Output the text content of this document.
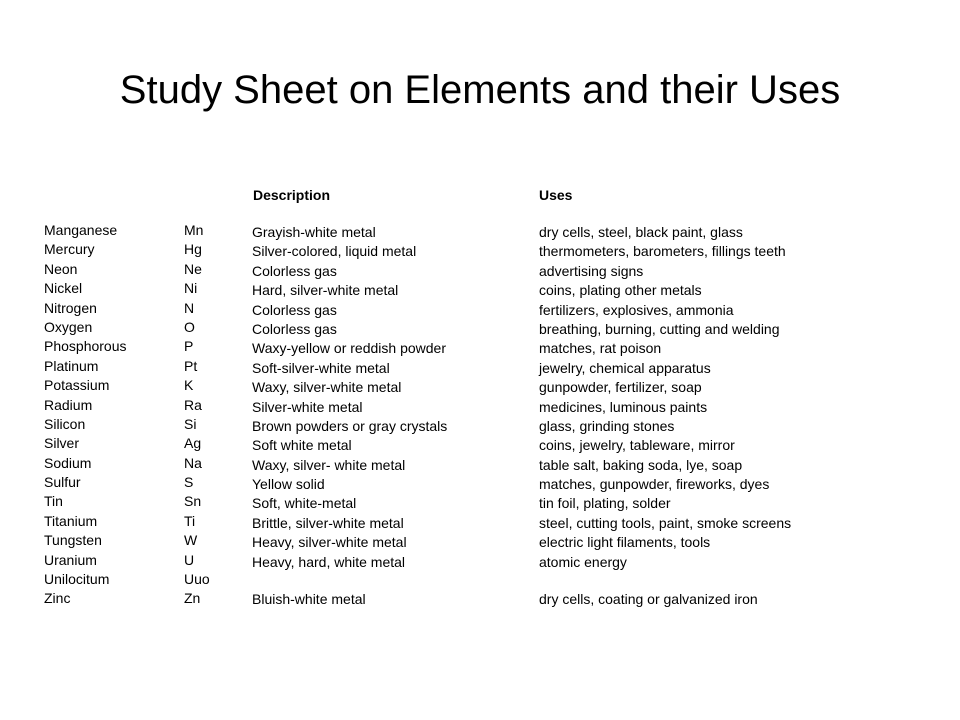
Study Sheet on Elements and their Uses
Description	Uses
Manganese
Mercury
Neon
Nickel
Nitrogen
Oxygen
Phosphorous
Platinum
Potassium
Radium
Silicon
Silver
Sodium
Sulfur
Tin
Titanium
Tungsten
Uranium
Unilocitum
Zinc
Mn
Hg
Ne
Ni
N
O
P
Pt
K
Ra
Si
Ag
Na
S
Sn
Ti
W
U
Uuo
Zn
Grayish-white metal
Silver-colored, liquid metal
Colorless gas
Hard, silver-white metal
Colorless gas
Colorless gas
Waxy-yellow or reddish powder
Soft-silver-white metal
Waxy, silver-white metal
Silver-white metal
Brown powders or gray crystals
Soft white metal
Waxy, silver- white metal
Yellow solid
Soft, white-metal
Brittle, silver-white metal
Heavy, silver-white metal
Heavy, hard, white metal
dry cells, steel, black paint, glass
thermometers, barometers, fillings teeth
advertising signs
coins, plating other metals
fertilizers, explosives, ammonia
breathing, burning, cutting and welding
matches, rat poison
jewelry, chemical apparatus
gunpowder, fertilizer, soap
medicines, luminous paints
glass, grinding stones
coins, jewelry, tableware, mirror
table salt, baking soda, lye, soap
matches, gunpowder, fireworks, dyes
tin foil, plating, solder
steel, cutting tools, paint, smoke screens
electric light filaments, tools
atomic energy
Bluish-white metal	dry cells, coating or galvanized iron
